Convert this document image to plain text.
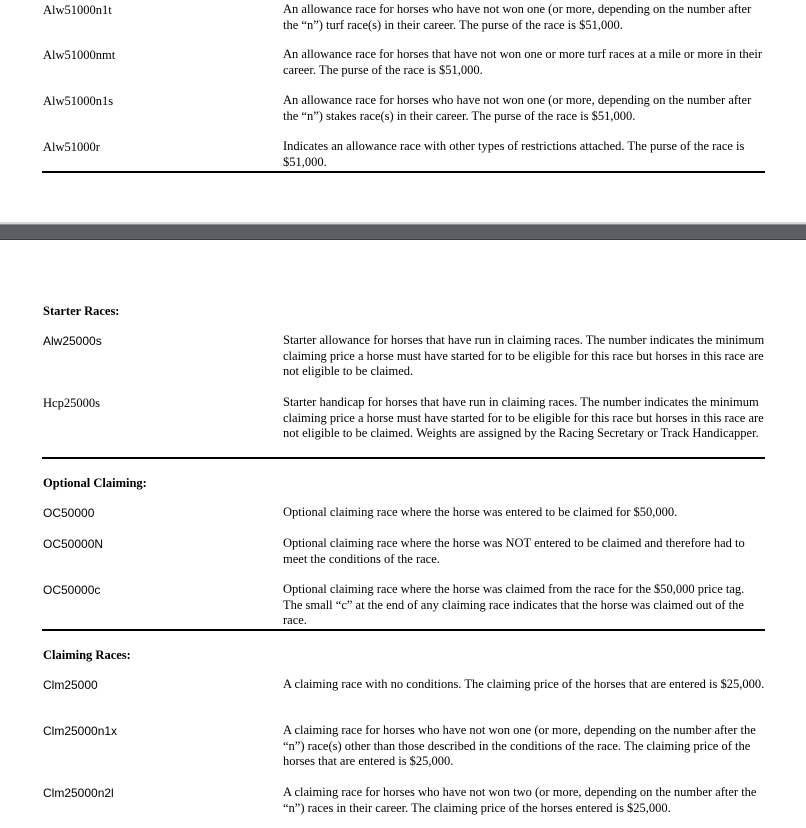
Alw51000n1t	An allowance race for horses who have not won one (or more, depending on the number after the “n”) turf race(s) in their career. The purse of the race is $51,000.
Alw51000nmt	An allowance race for horses that have not won one or more turf races at a mile or more in their career. The purse of the race is $51,000.
Alw51000n1s	An allowance race for horses who have not won one (or more, depending on the number after the “n”) stakes race(s) in their career. The purse of the race is $51,000.
Alw51000r	Indicates an allowance race with other types of restrictions attached. The purse of the race is $51,000.
Starter Races:
Alw25000s	Starter allowance for horses that have run in claiming races. The number indicates the minimum claiming price a horse must have started for to be eligible for this race but horses in this race are not eligible to be claimed.
Hcp25000s	Starter handicap for horses that have run in claiming races. The number indicates the minimum claiming price a horse must have started for to be eligible for this race but horses in this race are not eligible to be claimed. Weights are assigned by the Racing Secretary or Track Handicapper.
Optional Claiming:
OC50000	Optional claiming race where the horse was entered to be claimed for $50,000.
OC50000N	Optional claiming race where the horse was NOT entered to be claimed and therefore had to meet the conditions of the race.
OC50000c	Optional claiming race where the horse was claimed from the race for the $50,000 price tag.  The small “c” at the end of any claiming race indicates that the horse was claimed out of the            race.
Claiming Races:
Clm25000	A claiming race with no conditions. The claiming price of the horses that are entered is $25,000.
Clm25000n1x	A claiming race for horses who have not won one (or more, depending on the number after the “n”) race(s) other than those described in the conditions of the race. The claiming price of the horses that are entered is $25,000.
Clm25000n2l	A claiming race for horses who have not won two (or more, depending on the number after the “n”) races in their career. The claiming price of the horses entered is $25,000.
